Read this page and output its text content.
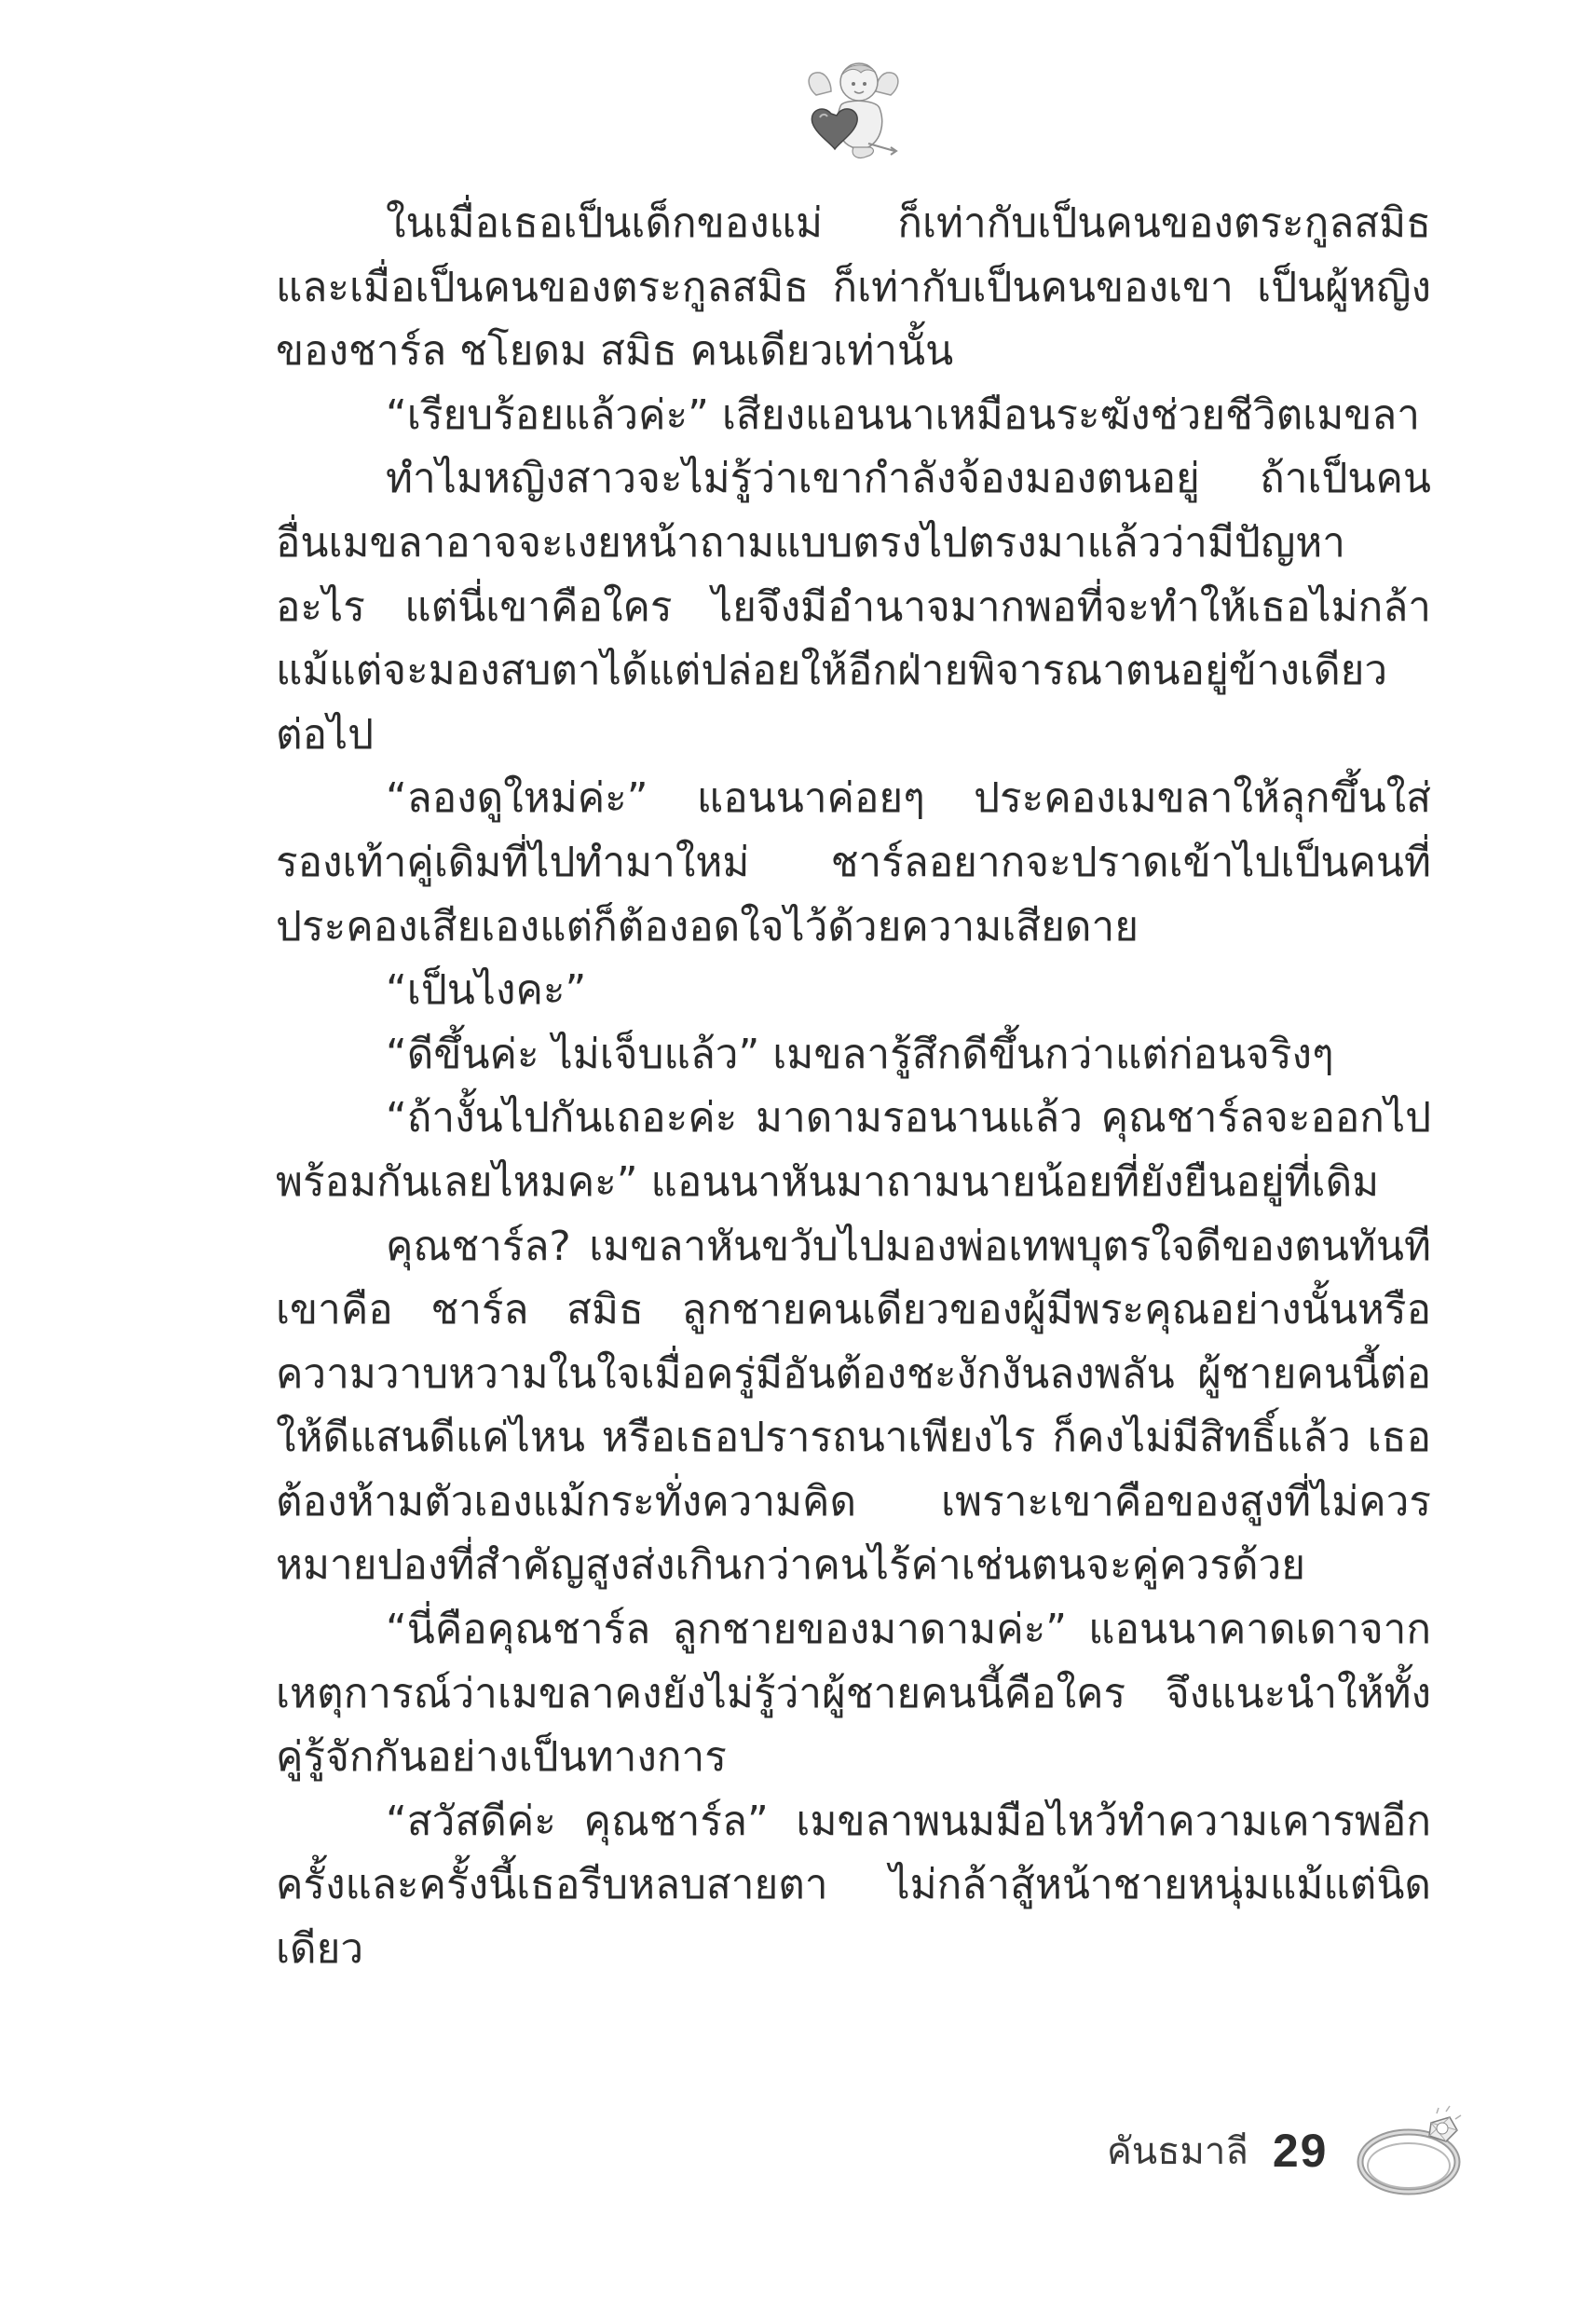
ในเมื่อเธอเป็นเด็กของแม่ ก็เท่ากับเป็นคนของตระกูลสมิธ และเมื่อเป็นคนของตระกูลสมิธ ก็เท่ากับเป็นคนของเขา เป็นผู้หญิงของชาร์ล ชโยดม สมิธ คนเดียวเท่านั้น

“เรียบร้อยแล้วค่ะ” เสียงแอนนาเหมือนระฆังช่วยชีวิตเมขลา

ทำไมหญิงสาวจะไม่รู้ว่าเขากำลังจ้องมองตนอยู่ ถ้าเป็นคนอื่นเมขลาอาจจะเงยหน้าถามแบบตรงไปตรงมาแล้วว่ามีปัญหาอะไร แต่นี่เขาคือใคร ไยจึงมีอำนาจมากพอที่จะทำให้เธอไม่กล้าแม้แต่จะมองสบตาได้แต่ปล่อยให้อีกฝ่ายพิจารณาตนอยู่ข้างเดียวต่อไป

“ลองดูใหม่ค่ะ” แอนนาค่อยๆ ประคองเมขลาให้ลุกขึ้นใส่รองเท้าคู่เดิมที่ไปทำมาใหม่ ชาร์ลอยากจะปราดเข้าไปเป็นคนที่ประคองเสียเองแต่ก็ต้องอดใจไว้ด้วยความเสียดาย

“เป็นไงคะ”

“ดีขึ้นค่ะ ไม่เจ็บแล้ว” เมขลารู้สึกดีขึ้นกว่าแต่ก่อนจริงๆ

“ถ้างั้นไปกันเถอะค่ะ มาดามรอนานแล้ว คุณชาร์ลจะออกไปพร้อมกันเลยไหมคะ” แอนนาหันมาถามนายน้อยที่ยังยืนอยู่ที่เดิม

คุณชาร์ล? เมขลาหันขวับไปมองพ่อเทพบุตรใจดีของตนทันทีเขาคือ ชาร์ล สมิธ ลูกชายคนเดียวของผู้มีพระคุณอย่างนั้นหรือความวาบหวามในใจเมื่อครู่มีอันต้องชะงักงันลงพลัน ผู้ชายคนนี้ต่อให้ดีแสนดีแค่ไหน หรือเธอปรารถนาเพียงไร ก็คงไม่มีสิทธิ์แล้ว เธอต้องห้ามตัวเองแม้กระทั่งความคิด เพราะเขาคือของสูงที่ไม่ควรหมายปองที่สำคัญสูงส่งเกินกว่าคนไร้ค่าเช่นตนจะคู่ควรด้วย

“นี่คือคุณชาร์ล ลูกชายของมาดามค่ะ” แอนนาคาดเดาจากเหตุการณ์ว่าเมขลาคงยังไม่รู้ว่าผู้ชายคนนี้คือใคร จึงแนะนำให้ทั้งคู่รู้จักกันอย่างเป็นทางการ

“สวัสดีค่ะ คุณชาร์ล” เมขลาพนมมือไหว้ทำความเคารพอีกครั้งและครั้งนี้เธอรีบหลบสายตา ไม่กล้าสู้หน้าชายหนุ่มแม้แต่นิดเดียว

คันธมาลี 29
